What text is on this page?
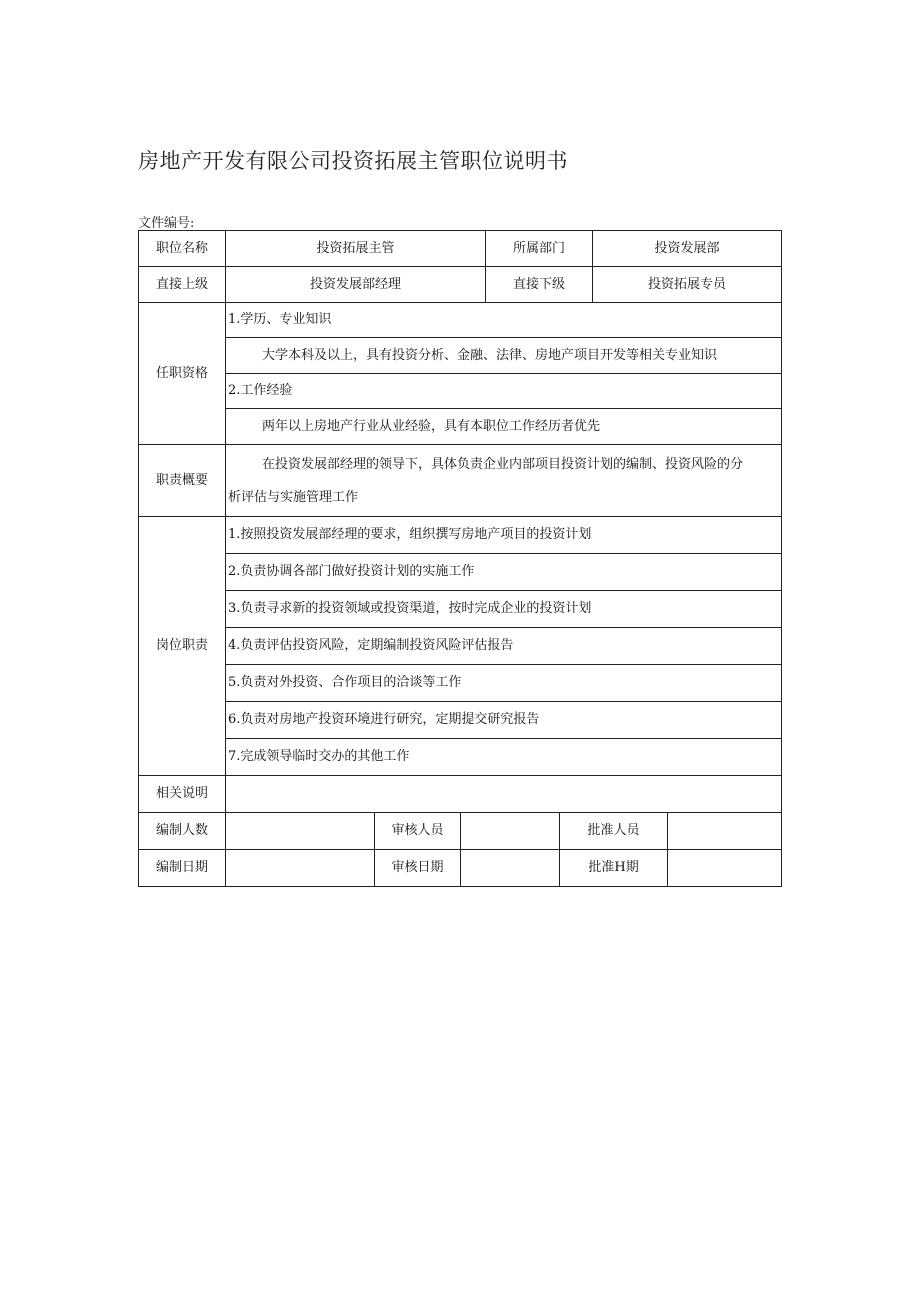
房地产开发有限公司投资拓展主管职位说明书
文件编号:
职位名称	投资拓展主管			所属部门		投资发展部	
直接上级	投资发展部经理			直接下级		投资拓展专员	
任职资格	1.学历、专业知识						
	大学本科及以上，具有投资分析、金融、法律、房地产项目开发等相关专业知识						
	2.工作经验						
	两年以上房地产行业从业经验，具有本职位工作经历者优先						
职责概要	在投资发展部经理的领导下，具体负责企业内部项目投资计划的编制、投资风险的分
析评估与实施管理工作						

岗位职责	1.按照投资发展部经理的要求，组织撰写房地产项目的投资计划						
	2.负责协调各部门做好投资计划的实施工作						
	3.负责寻求新的投资领域或投资渠道，按时完成企业的投资计划						
	4.负责评估投资风险，定期编制投资风险评估报告						
	5.负责对外投资、合作项目的洽谈等工作						
	6.负责对房地产投资环境进行研究，定期提交研究报告						
	7.完成领导临时交办的其他工作						
相关说明							
编制人数		审核人员			批准人员		
编制日期		审核日期			批准H期		
